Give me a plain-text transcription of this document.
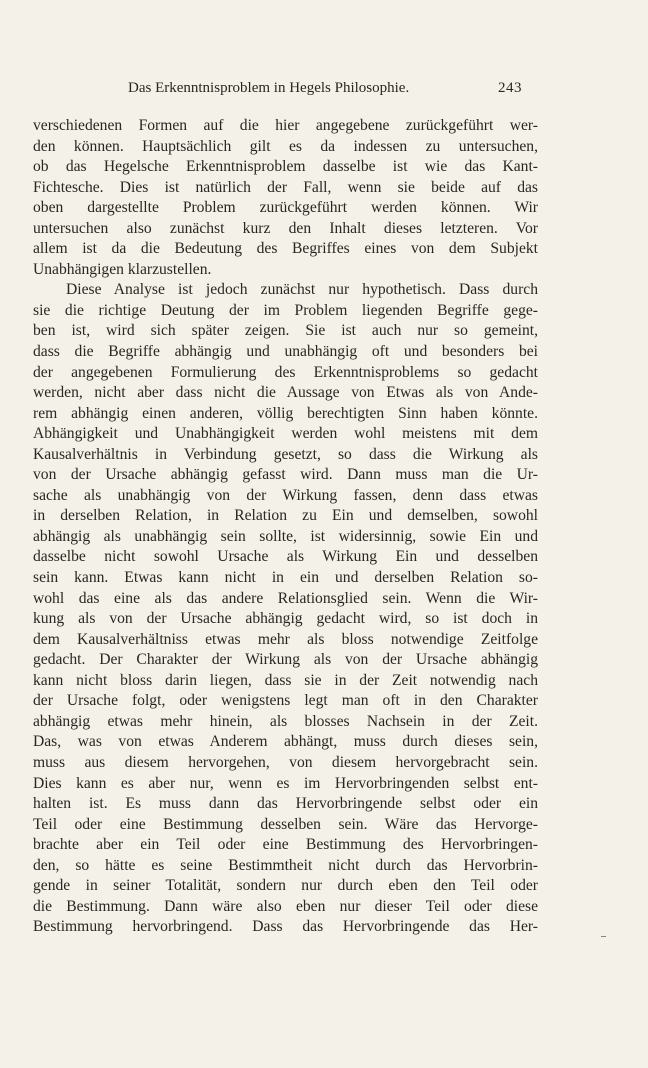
Das Erkenntnisproblem in Hegels Philosophie.	243
verschiedenen Formen auf die hier angegebene zurückgeführt wer-
den können. Hauptsächlich gilt es da indessen zu untersuchen,
ob das Hegelsche Erkenntnisproblem dasselbe ist wie das Kant-
Fichtesche. Dies ist natürlich der Fall, wenn sie beide auf das
oben dargestellte Problem zurückgeführt werden können. Wir
untersuchen also zunächst kurz den Inhalt dieses letzteren. Vor
allem ist da die Bedeutung des Begriffes eines von dem Subjekt
Unabhängigen klarzustellen.
Diese Analyse ist jedoch zunächst nur hypothetisch. Dass durch
sie die richtige Deutung der im Problem liegenden Begriffe gege-
ben ist, wird sich später zeigen. Sie ist auch nur so gemeint,
dass die Begriffe abhängig und unabhängig oft und besonders bei
der angegebenen Formulierung des Erkenntnisproblems so gedacht
werden, nicht aber dass nicht die Aussage von Etwas als von Ande-
rem abhängig einen anderen, völlig berechtigten Sinn haben könnte.
Abhängigkeit und Unabhängigkeit werden wohl meistens mit dem
Kausalverhältnis in Verbindung gesetzt, so dass die Wirkung als
von der Ursache abhängig gefasst wird. Dann muss man die Ur-
sache als unabhängig von der Wirkung fassen, denn dass etwas
in derselben Relation, in Relation zu Ein und demselben, sowohl
abhängig als unabhängig sein sollte, ist widersinnig, sowie Ein und
dasselbe nicht sowohl Ursache als Wirkung Ein und desselben
sein kann. Etwas kann nicht in ein und derselben Relation so-
wohl das eine als das andere Relationsglied sein. Wenn die Wir-
kung als von der Ursache abhängig gedacht wird, so ist doch in
dem Kausalverhältniss etwas mehr als bloss notwendige Zeitfolge
gedacht. Der Charakter der Wirkung als von der Ursache abhängig
kann nicht bloss darin liegen, dass sie in der Zeit notwendig nach
der Ursache folgt, oder wenigstens legt man oft in den Charakter
abhängig etwas mehr hinein, als blosses Nachsein in der Zeit.
Das, was von etwas Anderem abhängt, muss durch dieses sein,
muss aus diesem hervorgehen, von diesem hervorgebracht sein.
Dies kann es aber nur, wenn es im Hervorbringenden selbst ent-
halten ist. Es muss dann das Hervorbringende selbst oder ein
Teil oder eine Bestimmung desselben sein. Wäre das Hervorge-
brachte aber ein Teil oder eine Bestimmung des Hervorbringen-
den, so hätte es seine Bestimmtheit nicht durch das Hervorbrin-
gende in seiner Totalität, sondern nur durch eben den Teil oder
die Bestimmung. Dann wäre also eben nur dieser Teil oder diese
Bestimmung hervorbringend. Dass das Hervorbringende das Her-
